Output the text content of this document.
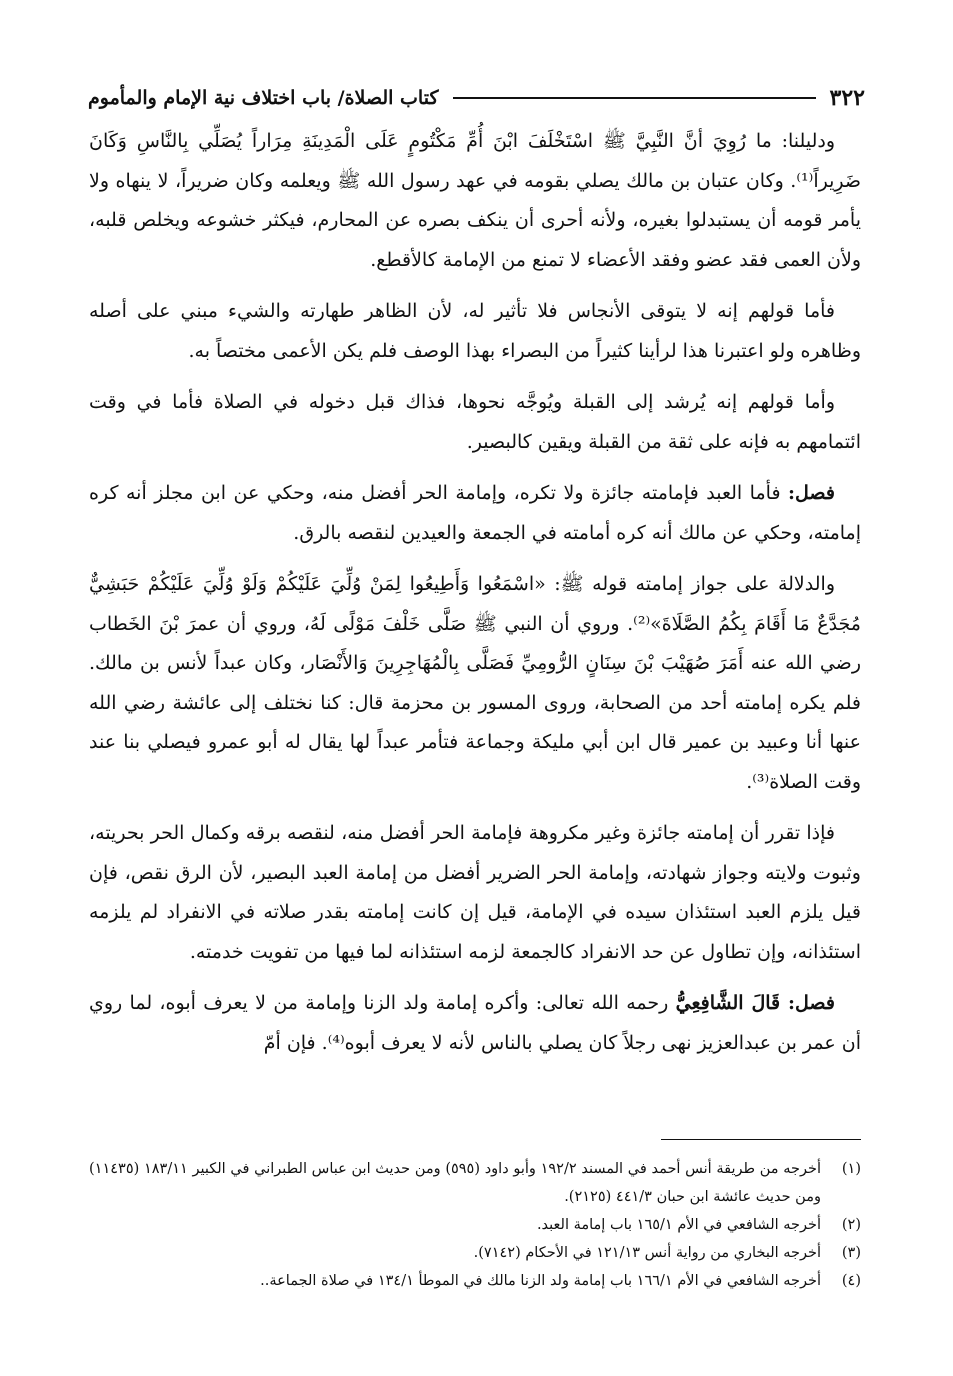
٣٢٢
كتاب الصلاة/ باب اختلاف نية الإمام والمأموم

ودليلنا: ما رُوِيَ أنَّ النَّبِيَّ ﷺ اسْتَخْلَفَ ابْنَ أُمِّ مَكْتُومٍ عَلَى الْمَدِينَةِ مِرَاراً يُصَلِّي بِالنَّاسِ وَكَانَ ضَرِيراً⁽¹⁾. وكان عتبان بن مالك يصلي بقومه في عهد رسول الله ﷺ ويعلمه وكان ضريراً، لا ينهاه ولا يأمر قومه أن يستبدلوا بغيره، ولأنه أحرى أن ينكف بصره عن المحارم، فيكثر خشوعه ويخلص قلبه، ولأن العمى فقد عضو وفقد الأعضاء لا تمنع من الإمامة كالأقطع.

فأما قولهم إنه لا يتوقى الأنجاس فلا تأثير له، لأن الظاهر طهارته والشيء مبني على أصله وظاهره ولو اعتبرنا هذا لرأينا كثيراً من البصراء بهذا الوصف فلم يكن الأعمى مختصاً به.

وأما قولهم إنه يُرشد إلى القبلة ويُوجَّه نحوها، فذاك قبل دخوله في الصلاة فأما في وقت ائتمامهم به فإنه على ثقة من القبلة ويقين كالبصير.

فصل: فأما العبد فإمامته جائزة ولا تكره، وإمامة الحر أفضل منه، وحكي عن ابن مجلز أنه كره إمامته، وحكي عن مالك أنه كره أمامته في الجمعة والعيدين لنقصه بالرق.

والدلالة على جواز إمامته قوله ﷺ: «اسْمَعُوا وَأَطِيعُوا لِمَنْ وُلِّيَ عَلَيْكُمْ وَلَوْ وُلِّيَ عَلَيْكُمْ حَبَشِيٌّ مُجَدَّعٌ مَا أَقَامَ بِكُمُ الصَّلَاةَ»⁽²⁾. وروي أن النبي ﷺ صَلَّى خَلْفَ مَوْلًى لَهُ، وروي أن عمرَ بْنَ الخَطاب رضي الله عنه أَمَرَ صُهَيْبَ بْنَ سِنَانٍ الرُّومِيِّ فَصَلَّى بِالْمُهَاجِرِينَ وَالأَنْصَار، وكان عبداً لأنس بن مالك. فلم يكره إمامته أحد من الصحابة، وروى المسور بن محزمة قال: كنا نختلف إلى عائشة رضي الله عنها أنا وعبيد بن عمير قال ابن أبي مليكة وجماعة فتأمر عبداً لها يقال له أبو عمرو فيصلي بنا عند وقت الصلاة⁽³⁾.

فإذا تقرر أن إمامته جائزة وغير مكروهة فإمامة الحر أفضل منه، لنقصه برقه وكمال الحر بحريته، وثبوت ولايته وجواز شهادته، وإمامة الحر الضرير أفضل من إمامة العبد البصير، لأن الرق نقص، فإن قيل يلزم العبد استئذان سيده في الإمامة، قيل إن كانت إمامته بقدر صلاته في الانفراد لم يلزمه استئذانه، وإن تطاول عن حد الانفراد كالجمعة لزمه استئذانه لما فيها من تفويت خدمته.

فصل: قَالَ الشَّافِعِيُّ رحمه الله تعالى: وأكره إمامة ولد الزنا وإمامة من لا يعرف أبوه، لما روي أن عمر بن عبدالعزيز نهى رجلاً كان يصلي بالناس لأنه لا يعرف أبوه⁽⁴⁾. فإن أمّ

(١)
أخرجه من طريقة أنس أحمد في المسند ١٩٢/٢ وأبو داود (٥٩٥) ومن حديث ابن عباس الطبراني في الكبير ١٨٣/١١ (١١٤٣٥) ومن حديث عائشة ابن حبان ٤٤١/٣ (٢١٢٥).
(٢)
أخرجه الشافعي في الأم ١٦٥/١ باب إمامة العبد.
(٣)
أخرجه البخاري من رواية أنس ١٢١/١٣ في الأحكام (٧١٤٢).
(٤)
أخرجه الشافعي في الأم ١٦٦/١ باب إمامة ولد الزنا مالك في الموطأ ١٣٤/١ في صلاة الجماعة..
